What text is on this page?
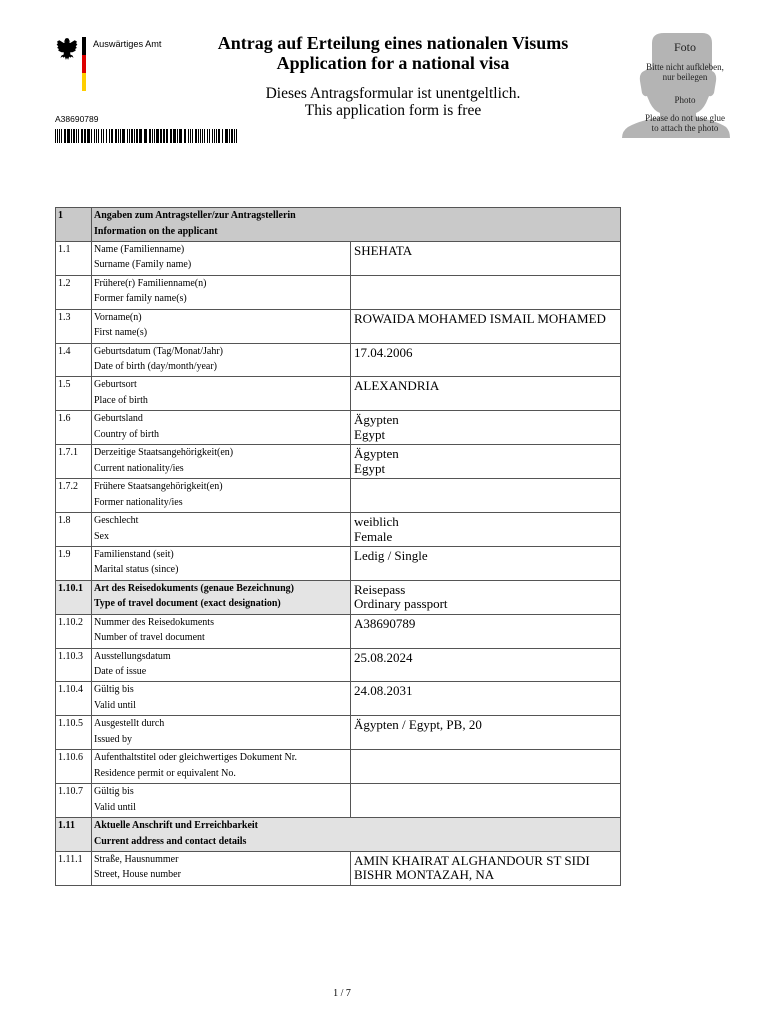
Auswärtiges Amt	Antrag auf Erteilung eines nationalen Visums
Application for a national visa
Dieses Antragsformular ist unentgeltlich.
This application form is free
A38690789
Foto
Bitte nicht aufkleben,
nur beilegen
Photo
Please do not use glue
to attach the photo
1	Angaben zum Antragsteller/zur Antragstellerin
Information on the applicant
1.1	Name (Familienname)
Surname (Family name)
SHEHATA
1.2	Frühere(r) Familienname(n)
Former family name(s)
1.3	Vorname(n)
First name(s)
ROWAIDA MOHAMED ISMAIL MOHAMED
1.4	Geburtsdatum (Tag/Monat/Jahr)
Date of birth (day/month/year)
17.04.2006
1.5	Geburtsort
Place of birth
ALEXANDRIA
1.6	Geburtsland
Country of birth
Ägypten
Egypt
1.7.1	Derzeitige Staatsangehörigkeit(en)
Current nationality/ies
Ägypten
Egypt
1.7.2	Frühere Staatsangehörigkeit(en)
Former nationality/ies
1.8	Geschlecht
Sex
weiblich
Female
1.9	Familienstand (seit)
Marital status (since)
Ledig / Single
1.10.1	Art des Reisedokuments (genaue Bezeichnung)
Type of travel document (exact designation)
Reisepass
Ordinary passport
1.10.2	Nummer des Reisedokuments
Number of travel document
A38690789
1.10.3	Ausstellungsdatum
Date of issue
25.08.2024
1.10.4	Gültig bis
Valid until
24.08.2031
1.10.5	Ausgestellt durch
Issued by
Ägypten / Egypt, PB, 20
1.10.6	Aufenthaltstitel oder gleichwertiges Dokument Nr.
Residence permit or equivalent No.
1.10.7	Gültig bis
Valid until
1.11	Aktuelle Anschrift und Erreichbarkeit
Current address and contact details
1.11.1	Straße, Hausnummer
Street, House number
AMIN KHAIRAT ALGHANDOUR ST SIDI
BISHR MONTAZAH, NA
1 / 7
